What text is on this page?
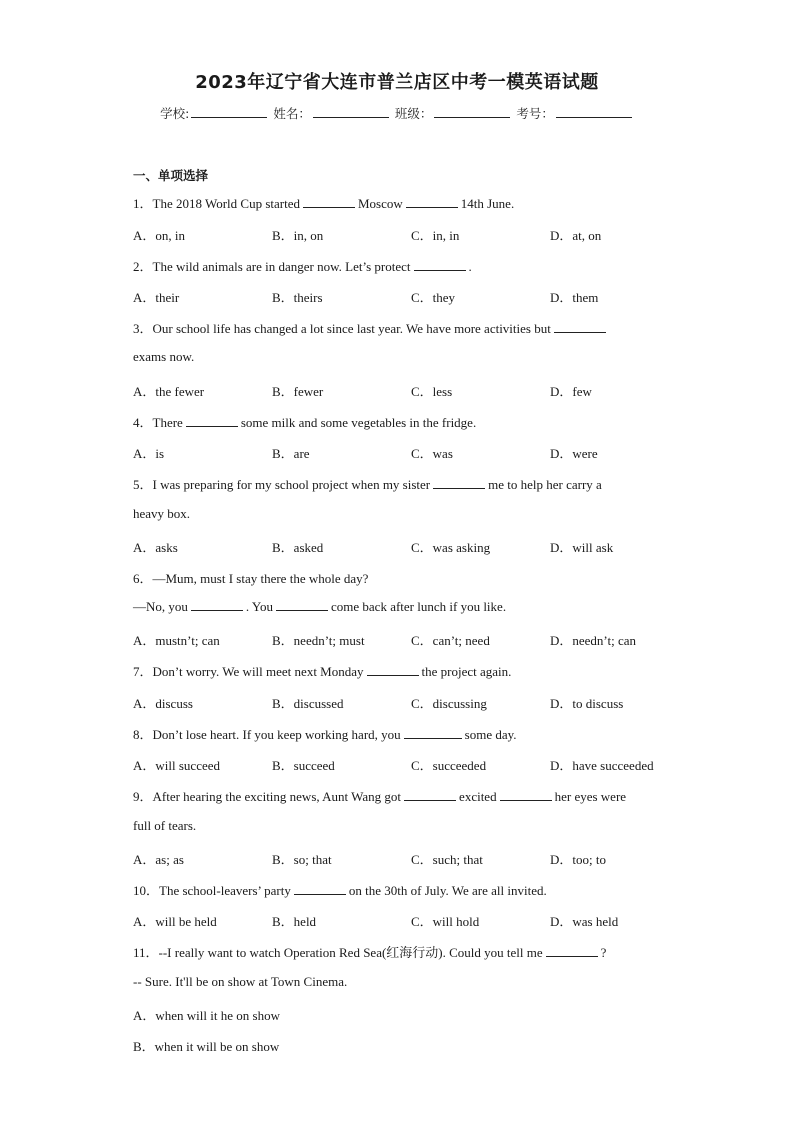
2023年辽宁省大连市普兰店区中考一模英语试题
学校:	姓名：	班级：	考号：
一、单项选择
1．The 2018 World Cup started	Moscow	14th June.
A．on, in	B．in, on	C．in, in	D．at, on
2．The wild animals are in danger now. Let’s protect	.
A．their	B．theirs	C．they	D．them
3．Our school life has changed a lot since last year. We have more activities but
exams now.
A．the fewer	B．fewer	C．less	D．few
4．There	some milk and some vegetables in the fridge.
A．is	B．are	C．was	D．were
5．I was preparing for my school project when my sister	me to help her carry a
heavy box.
A．asks	B．asked	C．was asking	D．will ask
6．—Mum, must I stay there the whole day?
—No, you	. You	come back after lunch if you like.
A．mustn’t; can	B．needn’t; must	C．can’t; need	D．needn’t; can
7．Don’t worry. We will meet next Monday	the project again.
A．discuss	B．discussed	C．discussing	D．to discuss
8．Don’t lose heart. If you keep working hard, you	some day.
A．will succeed	B．succeed	C．succeeded	D．have succeeded
9．After hearing the exciting news, Aunt Wang got	excited	her eyes were
full of tears.
A．as; as	B．so; that	C．such; that	D．too; to
10．The school-leavers’ party	on the 30th of July. We are all invited.
A．will be held	B．held	C．will hold	D．was held
11．--I really want to watch Operation Red Sea(红海行动). Could you tell me	?
-- Sure. It'll be on show at Town Cinema.
A．when will it he on show
B．when it will be on show
